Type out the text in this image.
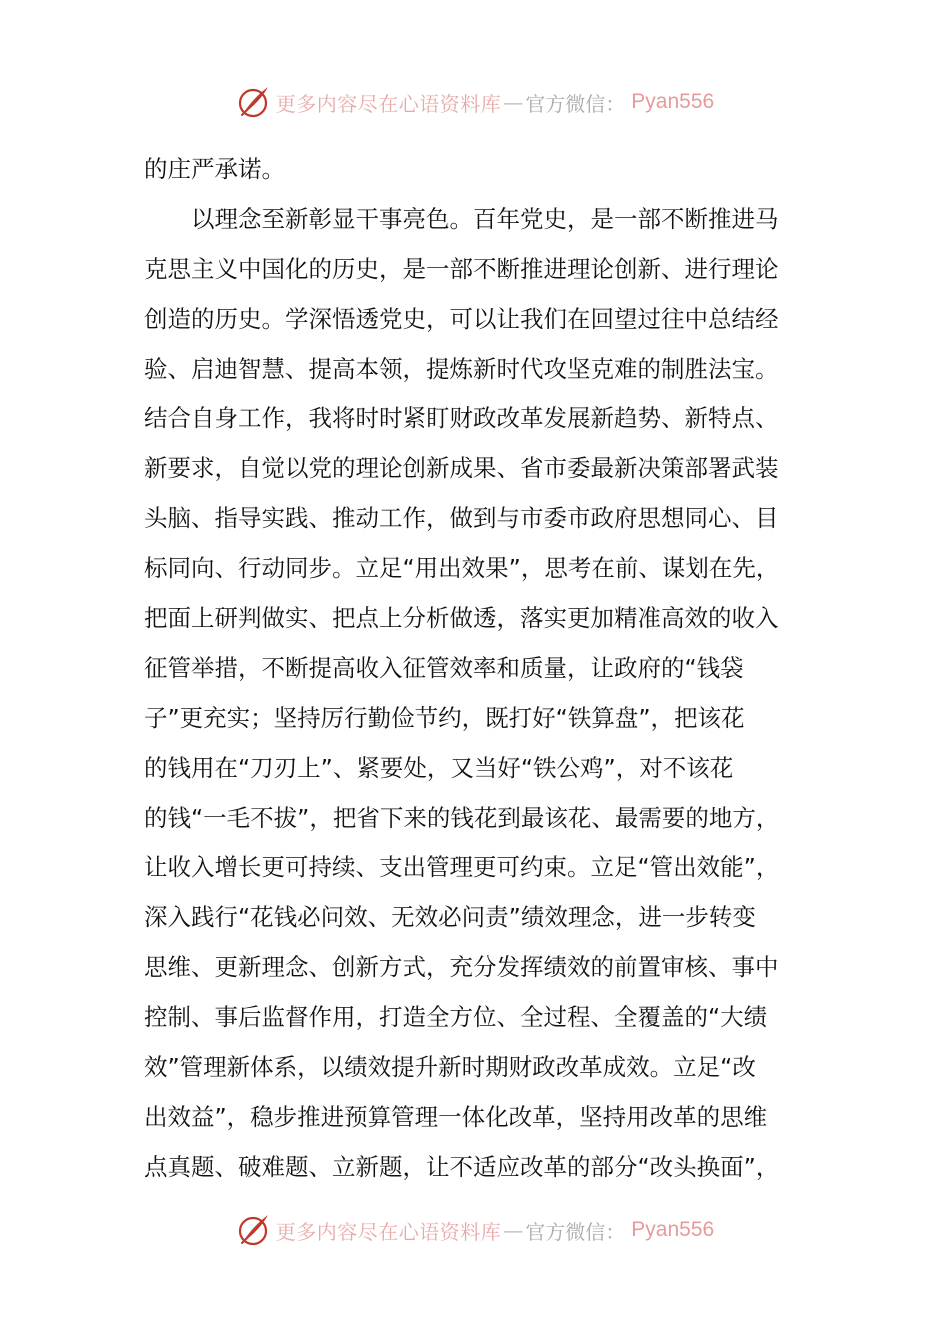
更多内容尽在心语资料库 — 官方微信： Pyan556
的庄严承诺。
以理念至新彰显干事亮色。百年党史，是一部不断推进马
克思主义中国化的历史，是一部不断推进理论创新、进行理论
创造的历史。学深悟透党史，可以让我们在回望过往中总结经
验、启迪智慧、提高本领，提炼新时代攻坚克难的制胜法宝。
结合自身工作，我将时时紧盯财政改革发展新趋势、新特点、
新要求，自觉以党的理论创新成果、省市委最新决策部署武装
头脑、指导实践、推动工作，做到与市委市政府思想同心、目
标同向、行动同步。立足“用出效果”，思考在前、谋划在先，
把面上研判做实、把点上分析做透，落实更加精准高效的收入
征管举措，不断提高收入征管效率和质量，让政府的“钱袋
子”更充实；坚持厉行勤俭节约，既打好“铁算盘”，把该花
的钱用在“刀刃上”、紧要处，又当好“铁公鸡”，对不该花
的钱“一毛不拔”，把省下来的钱花到最该花、最需要的地方，
让收入增长更可持续、支出管理更可约束。立足“管出效能”，
深入践行“花钱必问效、无效必问责”绩效理念，进一步转变
思维、更新理念、创新方式，充分发挥绩效的前置审核、事中
控制、事后监督作用，打造全方位、全过程、全覆盖的“大绩
效”管理新体系，以绩效提升新时期财政改革成效。立足“改
出效益”，稳步推进预算管理一体化改革，坚持用改革的思维
点真题、破难题、立新题，让不适应改革的部分“改头换面”，
更多内容尽在心语资料库 — 官方微信： Pyan556
